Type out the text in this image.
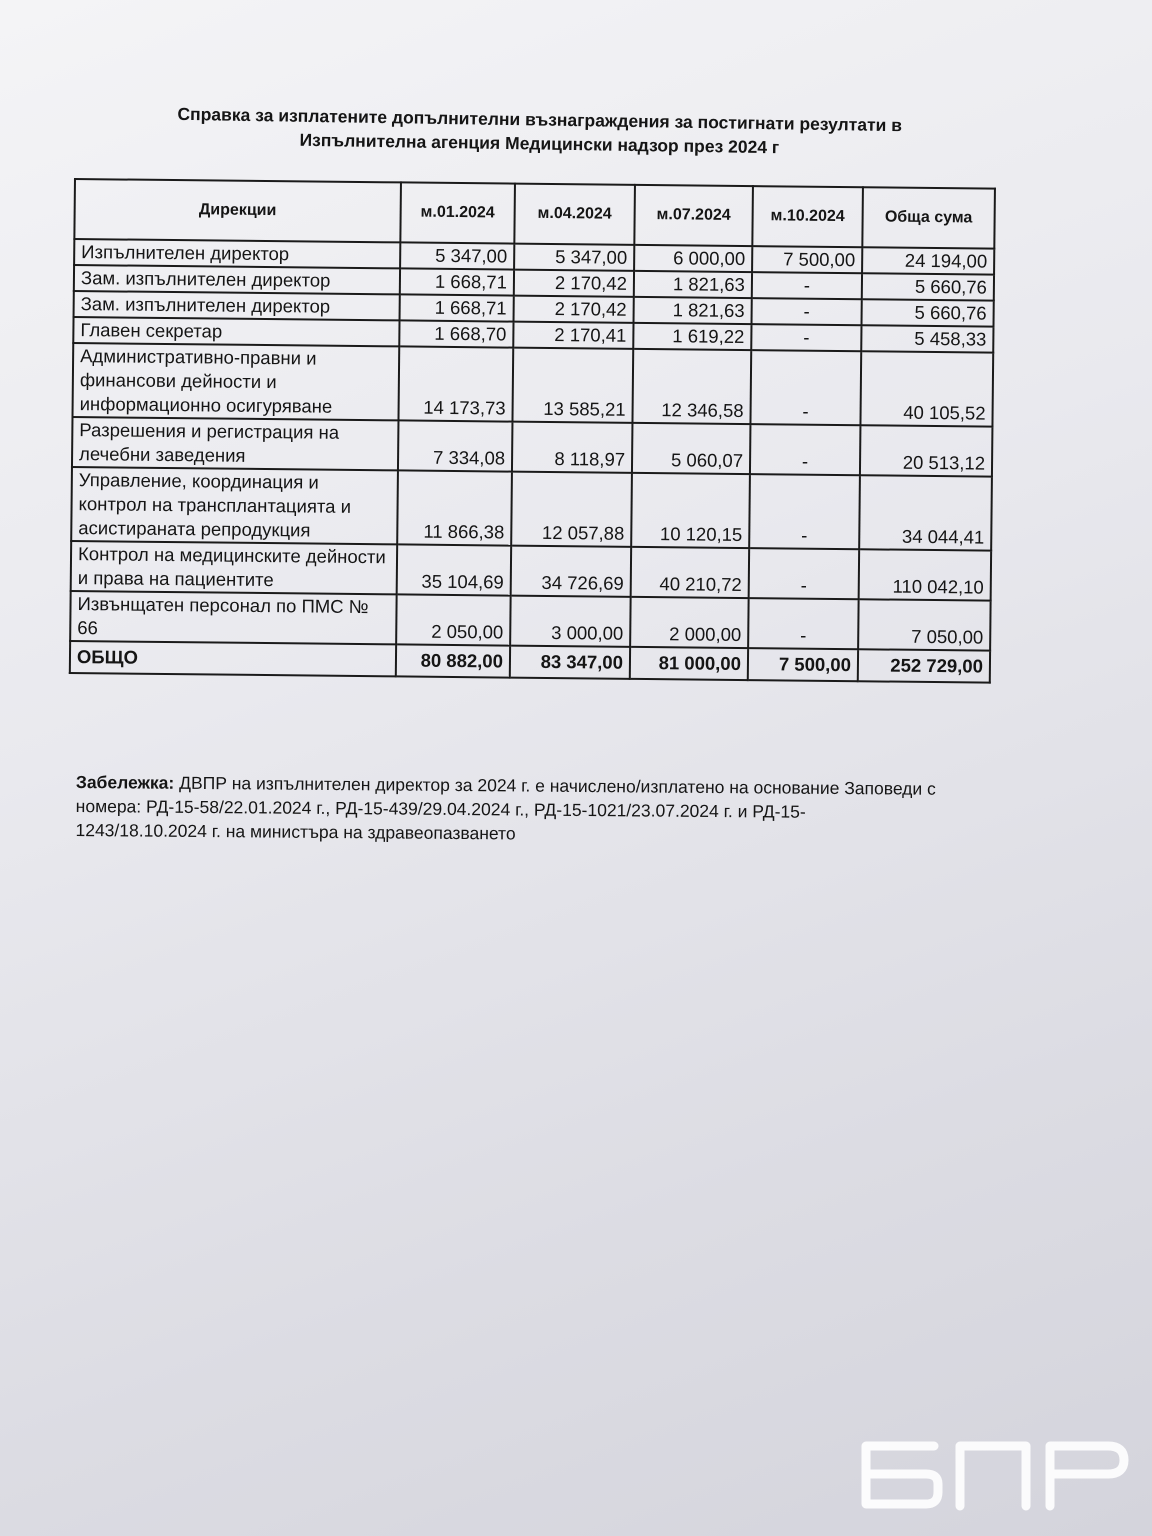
Справка за изплатените допълнителни възнаграждения за постигнати резултати в
Изпълнителна агенция Медицински надзор през 2024 г
Дирекции	м.01.2024	м.04.2024	м.07.2024	м.10.2024	Обща сума
Изпълнителен директор	5 347,00	5 347,00	6 000,00	7 500,00	24 194,00
Зам. изпълнителен директор	1 668,71	2 170,42	1 821,63	-	5 660,76
Зам. изпълнителен директор	1 668,71	2 170,42	1 821,63	-	5 660,76
Главен секретар	1 668,70	2 170,41	1 619,22	-	5 458,33
Административно-правни и финансови дейности и информационно осигуряване	14 173,73	13 585,21	12 346,58	-	40 105,52
Разрешения и регистрация на лечебни заведения	7 334,08	8 118,97	5 060,07	-	20 513,12
Управление, координация и контрол на трансплантацията и асистираната репродукция	11 866,38	12 057,88	10 120,15	-	34 044,41
Контрол на медицинските дейности и права на пациентите	35 104,69	34 726,69	40 210,72	-	110 042,10
Извънщатен персонал по ПМС № 66	2 050,00	3 000,00	2 000,00	-	7 050,00
ОБЩО	80 882,00	83 347,00	81 000,00	7 500,00	252 729,00
Забележка: ДВПР на изпълнителен директор за 2024 г. е начислено/изплатено на основание Заповеди с номера: РД-15-58/22.01.2024 г., РД-15-439/29.04.2024 г., РД-15-1021/23.07.2024 г. и РД-15-1243/18.10.2024 г. на министъра на здравеопазването
